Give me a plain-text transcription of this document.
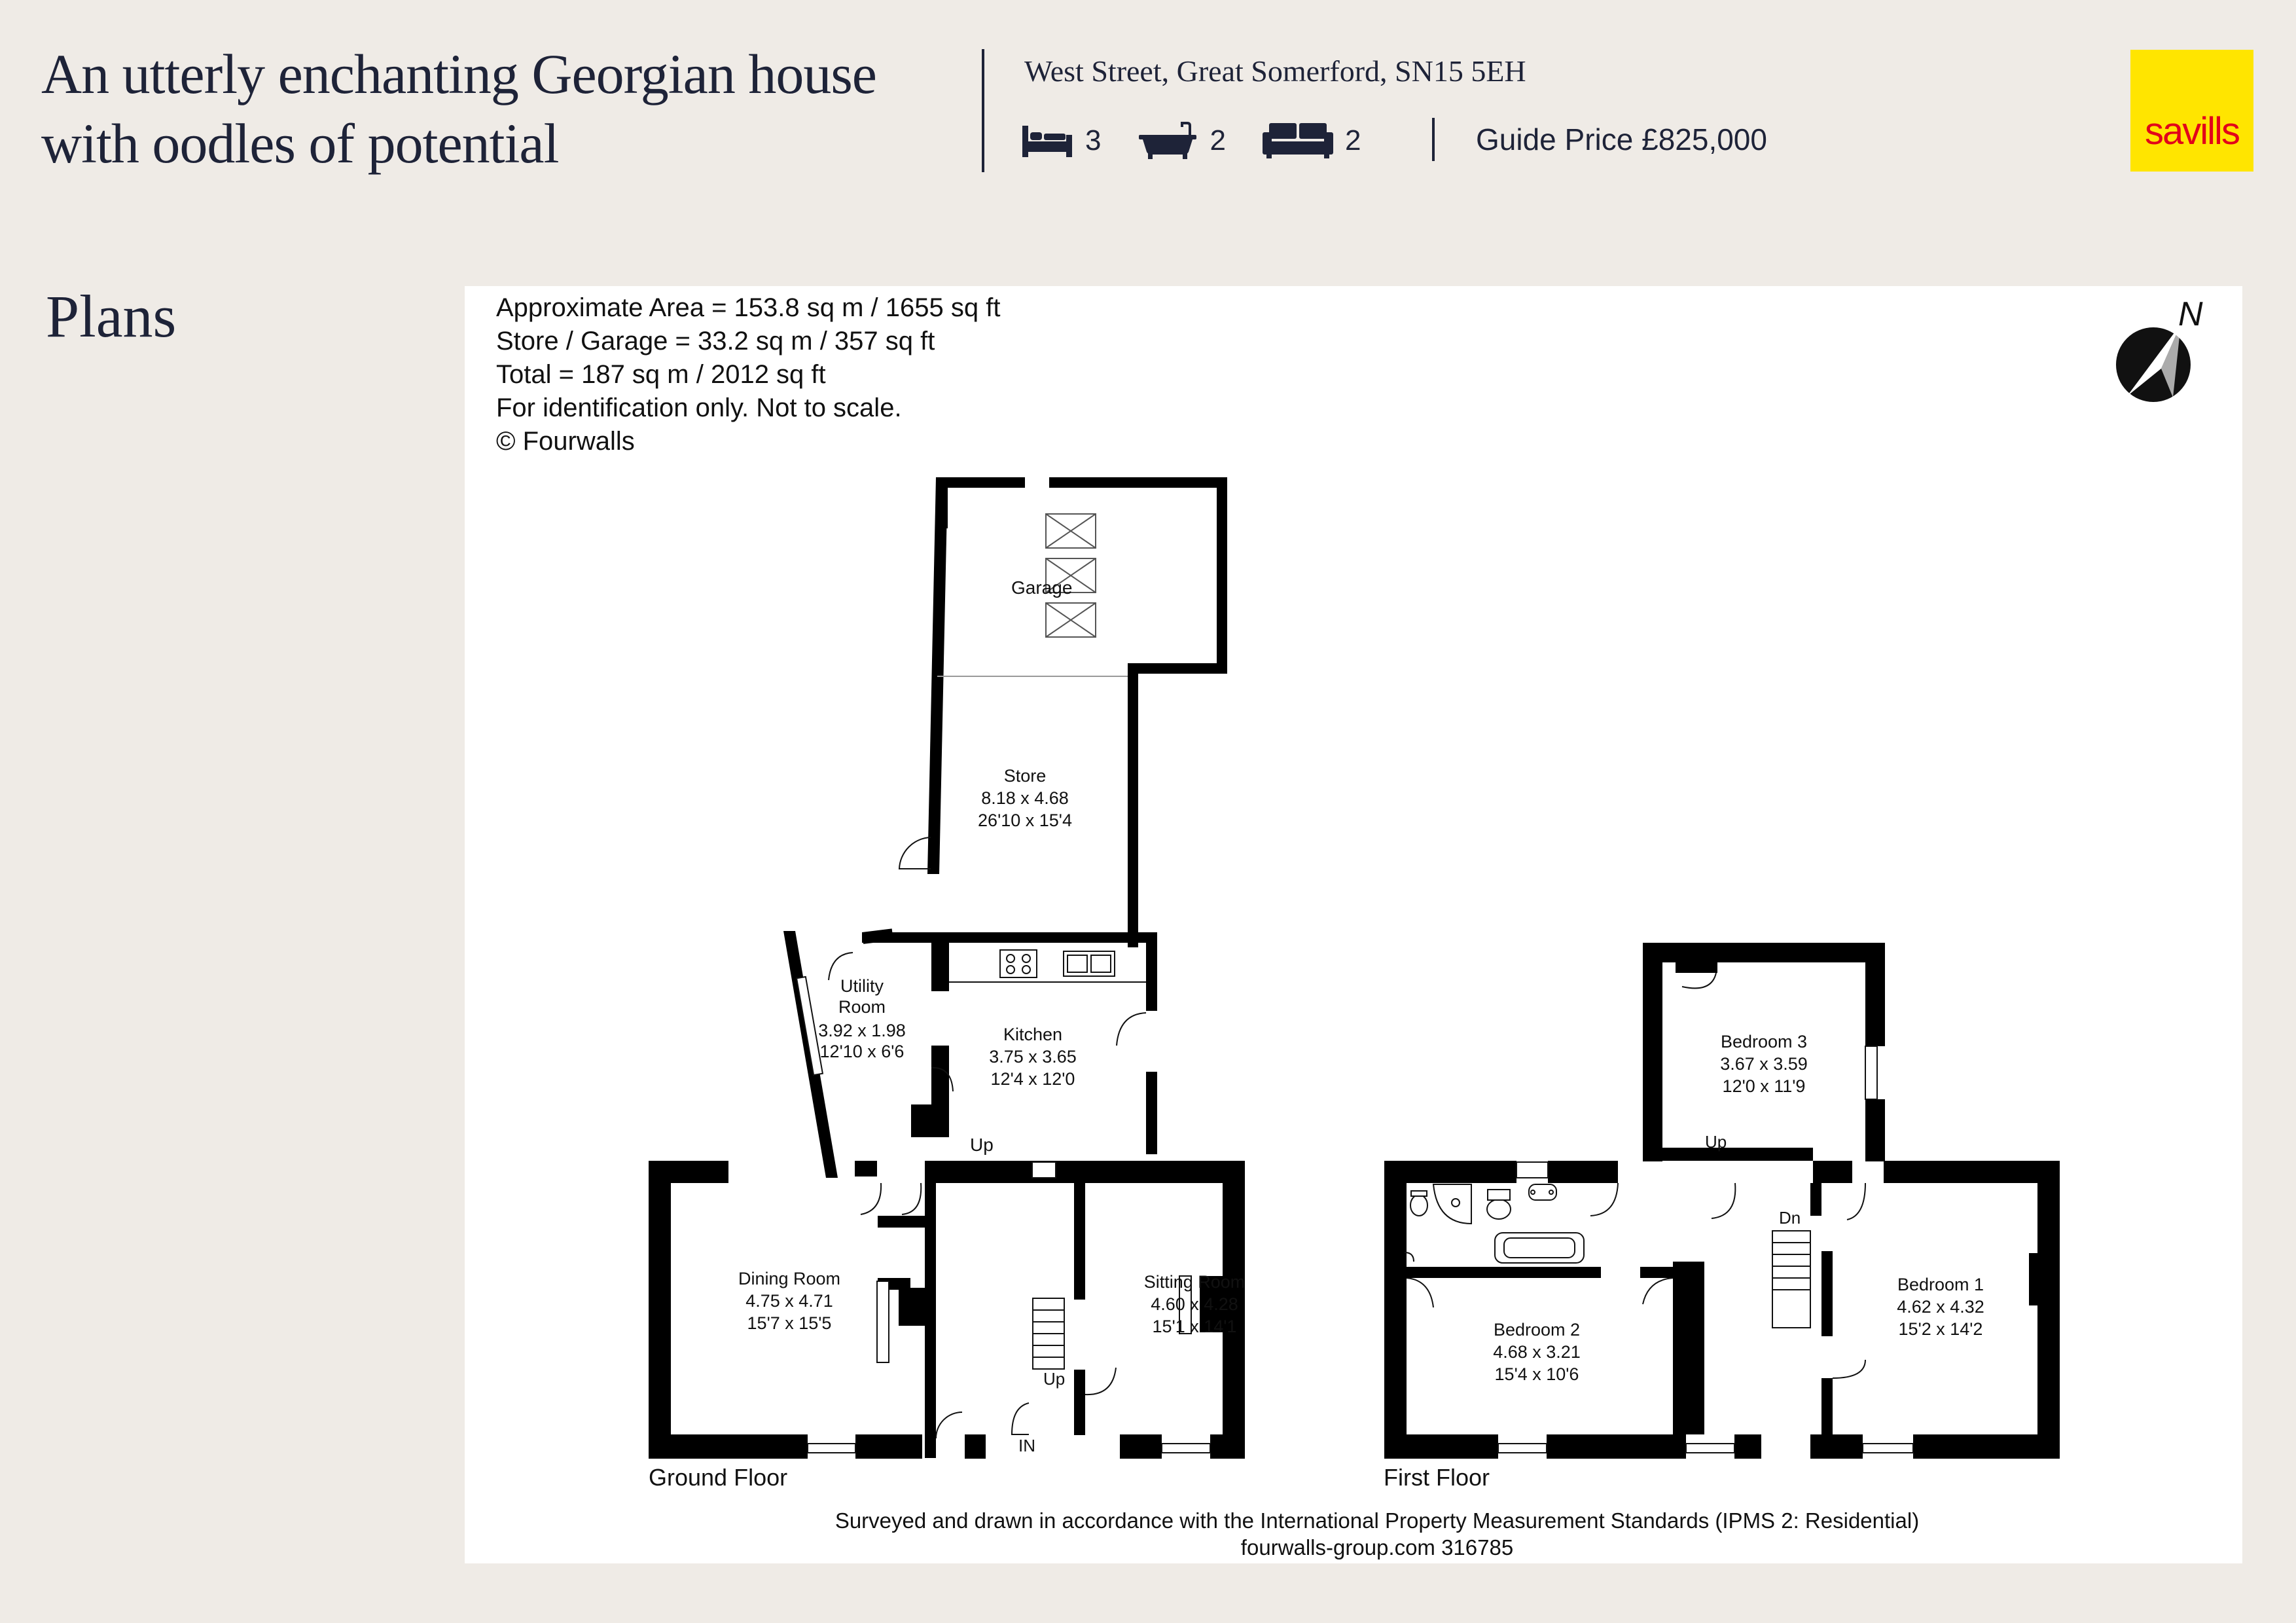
An utterly enchanting Georgian house
with oodles of potential
West Street, Great Somerford, SN15 5EH
3	2	2	Guide Price £825,000	savills
Plans	Approximate Area = 153.8 sq m / 1655 sq ft
Store / Garage = 33.2 sq m / 357 sq ft
Total = 187 sq m / 2012 sq ft
For identification only. Not to scale.
© Fourwalls
N
Garage
Store
8.18 x 4.68
26'10 x 15'4
Utility
Room
3.92 x 1.98
12'10 x 6'6
Kitchen
3.75 x 3.65
12'4 x 12'0
Dining Room
4.75 x 4.71
15'7 x 15'5
Sitting Room
4.60 x 4.28
15'1 x 14'1
Up
Up
IN
Ground Floor
Bedroom 3
3.67 x 3.59
12'0 x 11'9
Bedroom 2
4.68 x 3.21
15'4 x 10'6
Bedroom 1
4.62 x 4.32
15'2 x 14'2
Up
Dn
First Floor
Surveyed and drawn in accordance with the International Property Measurement Standards (IPMS 2: Residential)
fourwalls-group.com 316785
